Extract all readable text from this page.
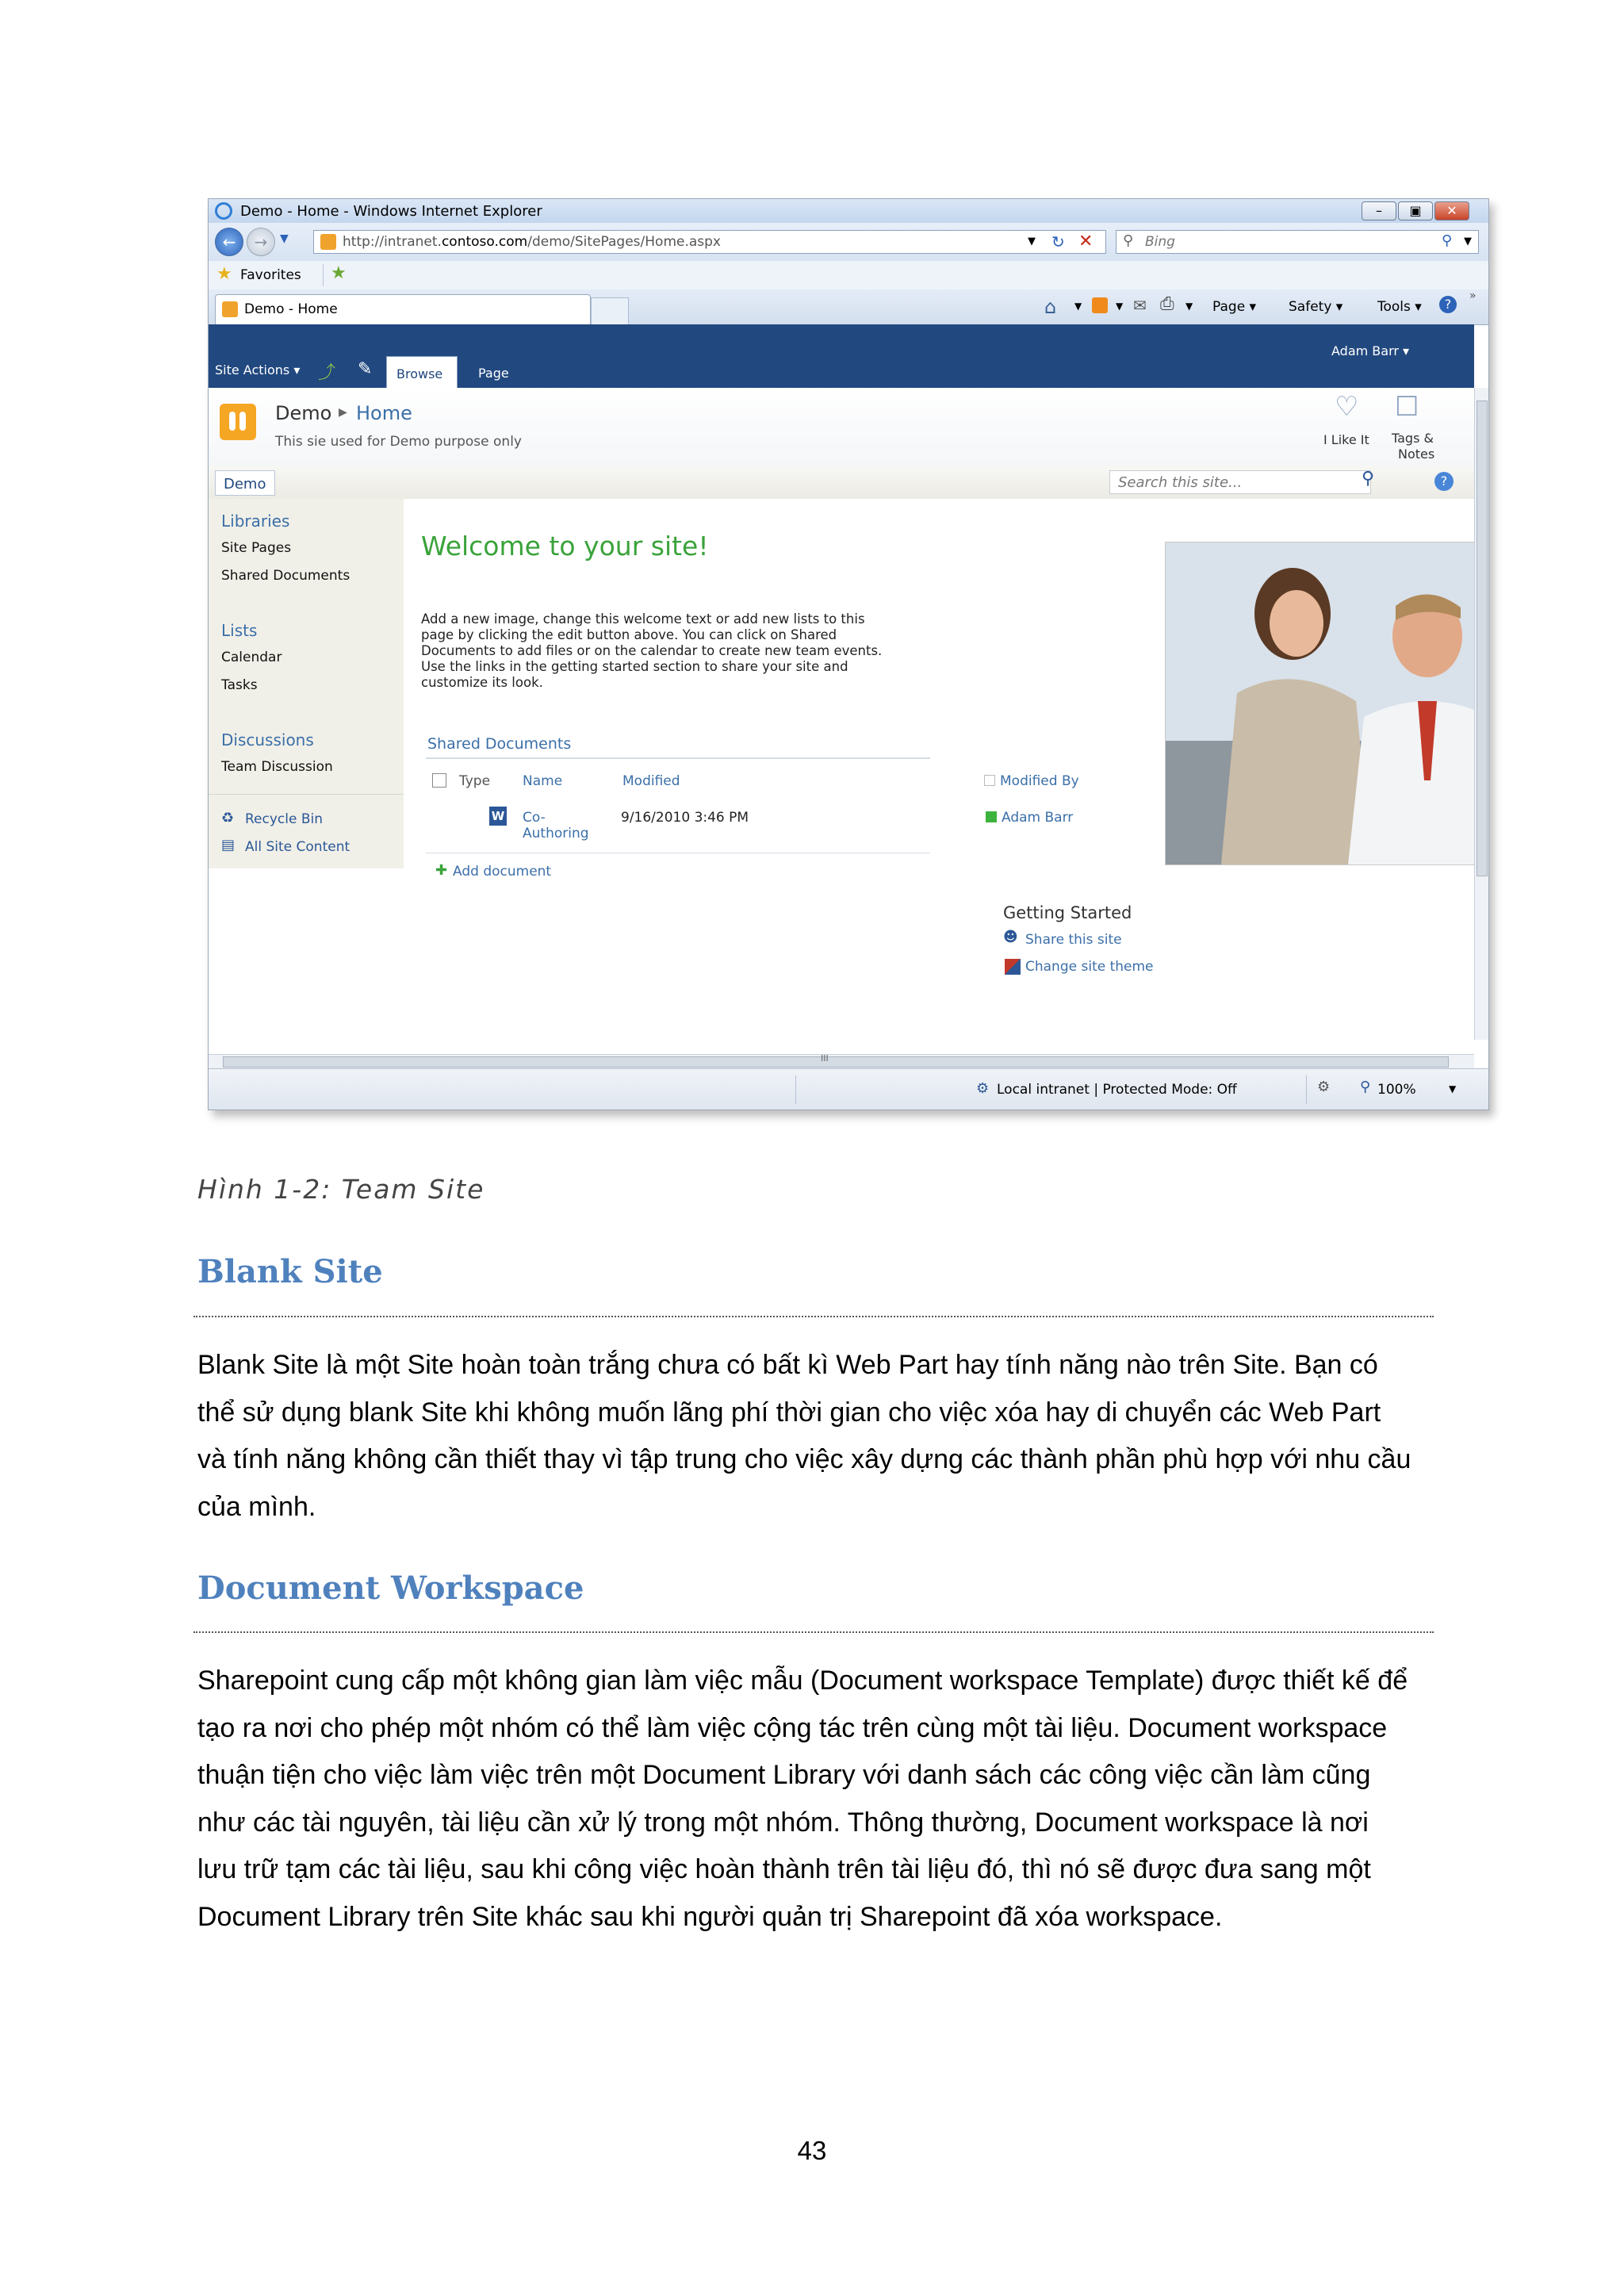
Demo - Home - Windows Internet Explorer	–	▣	✕
←	→	▼	http://intranet.contoso.com/demo/SitePages/Home.aspx	▼ ↻ ✕ ⚲ Bing	⚲ ▼
★ Favorites ★
Demo - Home	⌂ ▼	▼ ✉ ⎙ ▼ Page ▾ Safety ▾	Tools ▾	?
»
Site Actions ▾ ⤴ ✎ Browse	Page
Adam Barr ▾
Demo ▶ Home
This sie used for Demo purpose only
♡
I Like It
☐
Tags &
Notes
Demo	Search this site...	⚲	?
Libraries
Site Pages
Shared Documents
Lists
Calendar
Tasks
Discussions
Team Discussion
♻ Recycle Bin
▤ All Site Content
Welcome to your site!
Add a new image, change this welcome text or add new lists to this
page by clicking the edit button above. You can click on Shared
Documents to add files or on the calendar to create new team events.
Use the links in the getting started section to share your site and
customize its look.
Shared Documents
Type Name	Modified	Modified By
W Co-
Authoring
9/16/2010 3:46 PM	Adam Barr
✚ Add document
Getting Started
☻ Share this site
Change site theme
III
⚙ Local intranet | Protected Mode: Off	⚙ ⚲ 100%	▼
Hình 1-2: Team Site
Blank Site
Blank Site là một Site hoàn toàn trắng chưa có bất kì Web Part hay tính năng nào trên Site. Bạn có
thể sử dụng blank Site khi không muốn lãng phí thời gian cho việc xóa hay di chuyển các Web Part
và tính năng không cần thiết thay vì tập trung cho việc xây dựng các thành phần phù hợp với nhu cầu
của mình.
Document Workspace
Sharepoint cung cấp một không gian làm việc mẫu (Document workspace Template) được thiết kế để
tạo ra nơi cho phép một nhóm có thể làm việc cộng tác trên cùng một tài liệu. Document workspace
thuận tiện cho việc làm việc trên một Document Library với danh sách các công việc cần làm cũng
như các tài nguyên, tài liệu cần xử lý trong một nhóm. Thông thường, Document workspace là nơi
lưu trữ tạm các tài liệu, sau khi công việc hoàn thành trên tài liệu đó, thì nó sẽ được đưa sang một
Document Library trên Site khác sau khi người quản trị Sharepoint đã xóa workspace.
43
